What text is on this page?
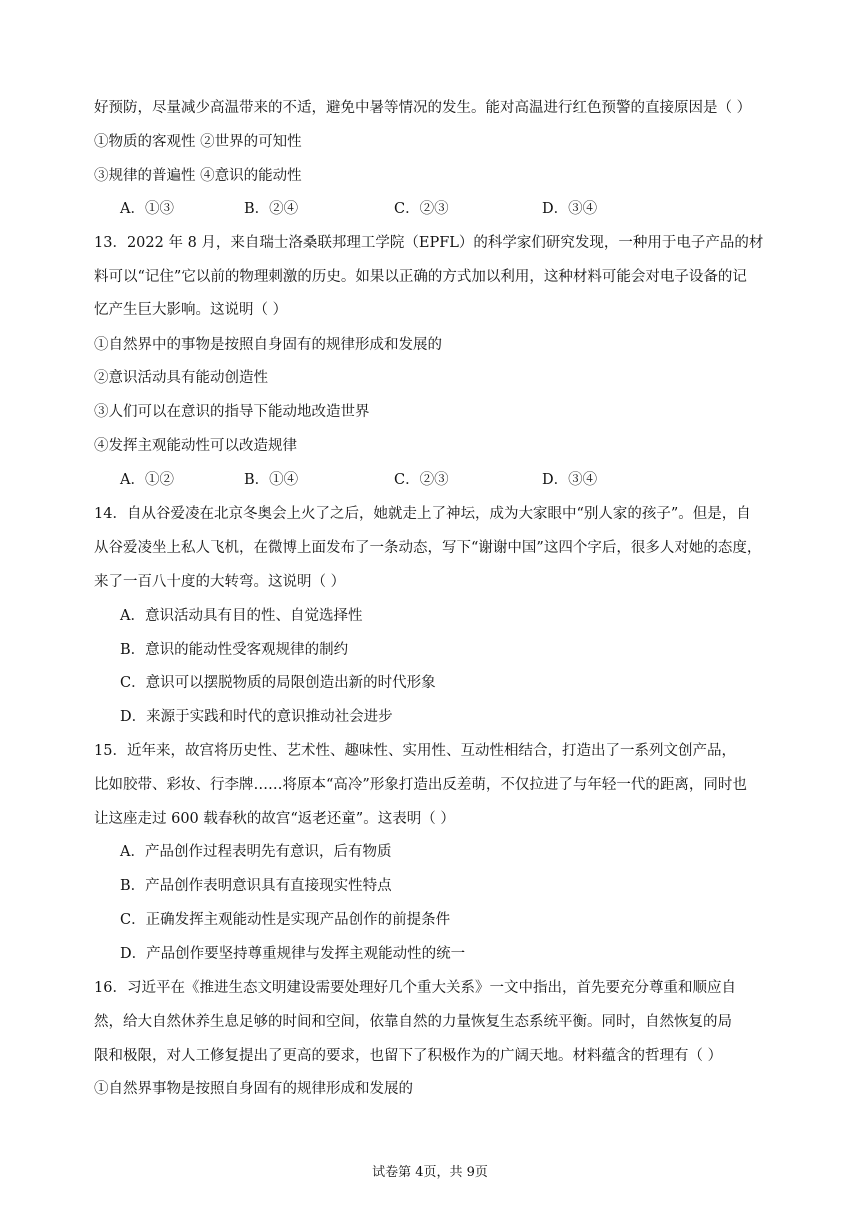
好预防，尽量减少高温带来的不适，避免中暑等情况的发生。能对高温进行红色预警的直接原因是（ ）
①物质的客观性 ②世界的可知性
③规律的普遍性 ④意识的能动性
A．①③	B．②④	C．②③	D．③④
13．2022 年 8 月，来自瑞士洛桑联邦理工学院（EPFL）的科学家们研究发现，一种用于电子产品的材
料可以“记住”它以前的物理刺激的历史。如果以正确的方式加以利用，这种材料可能会对电子设备的记
忆产生巨大影响。这说明（ ）
①自然界中的事物是按照自身固有的规律形成和发展的
②意识活动具有能动创造性
③人们可以在意识的指导下能动地改造世界
④发挥主观能动性可以改造规律
A．①②	B．①④	C．②③	D．③④
14．自从谷爱凌在北京冬奥会上火了之后，她就走上了神坛，成为大家眼中“别人家的孩子”。但是，自
从谷爱凌坐上私人飞机，在微博上面发布了一条动态，写下“谢谢中国”这四个字后，很多人对她的态度，
来了一百八十度的大转弯。这说明（ ）
A．意识活动具有目的性、自觉选择性
B．意识的能动性受客观规律的制约
C．意识可以摆脱物质的局限创造出新的时代形象
D．来源于实践和时代的意识推动社会进步
15．近年来，故宫将历史性、艺术性、趣味性、实用性、互动性相结合，打造出了一系列文创产品，
比如胶带、彩妆、行李牌……将原本“高冷”形象打造出反差萌，不仅拉进了与年轻一代的距离，同时也
让这座走过 600 载春秋的故宫“返老还童”。这表明（ ）
A．产品创作过程表明先有意识，后有物质
B．产品创作表明意识具有直接现实性特点
C．正确发挥主观能动性是实现产品创作的前提条件
D．产品创作要坚持尊重规律与发挥主观能动性的统一
16．习近平在《推进生态文明建设需要处理好几个重大关系》一文中指出，首先要充分尊重和顺应自
然，给大自然休养生息足够的时间和空间，依靠自然的力量恢复生态系统平衡。同时，自然恢复的局
限和极限，对人工修复提出了更高的要求，也留下了积极作为的广阔天地。材料蕴含的哲理有（ ）
①自然界事物是按照自身固有的规律形成和发展的
试卷第 4页，共 9页
